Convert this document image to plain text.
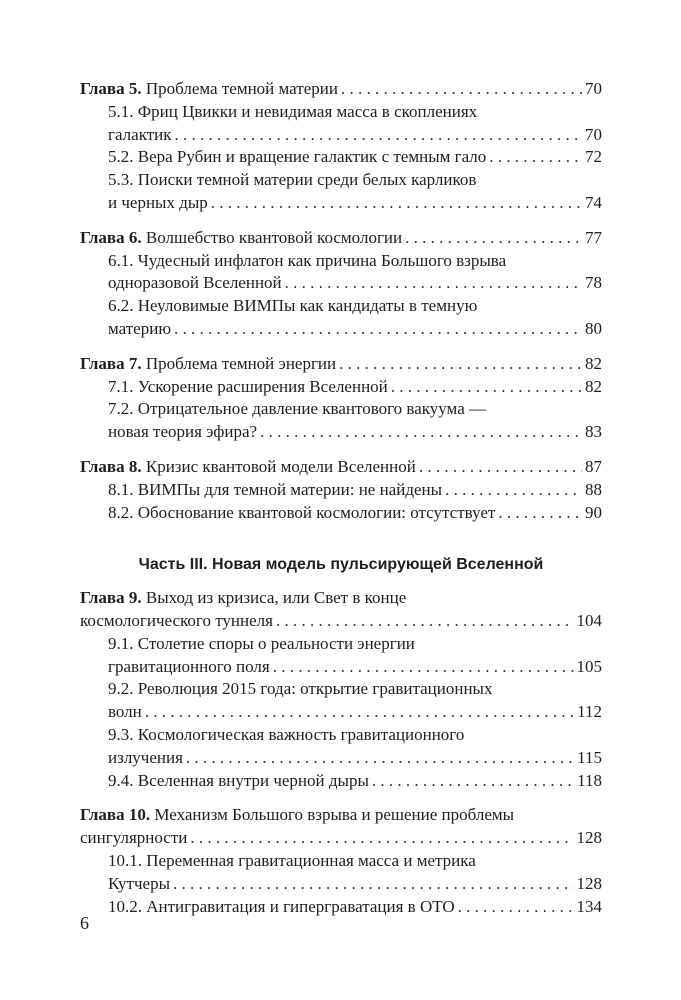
Глава 5. Проблема темной материи . . .	70
5.1. Фриц Цвикки и невидимая масса в скоплениях
галактик . . .	70
5.2. Вера Рубин и вращение галактик с темным гало . . .	72
5.3. Поиски темной материи среди белых карликов
и черных дыр . . .	74
Глава 6. Волшебство квантовой космологии . . .	77
6.1. Чудесный инфлатон как причина Большого взрыва
одноразовой Вселенной . . .	78
6.2. Неуловимые ВИМПы как кандидаты в темную
материю . . .	80
Глава 7. Проблема темной энергии . . .	82
7.1. Ускорение расширения Вселенной . . .	82
7.2. Отрицательное давление квантового вакуума —
новая теория эфира? . . .	83
Глава 8. Кризис квантовой модели Вселенной . . .	87
8.1. ВИМПы для темной материи: не найдены . . .	88
8.2. Обоснование квантовой космологии: отсутствует . . .	90
Часть III. Новая модель пульсирующей Вселенной
Глава 9. Выход из кризиса, или Свет в конце
космологического туннеля . . .	104
9.1. Столетие споры о реальности энергии
гравитационного поля . . .	105
9.2. Революция 2015 года: открытие гравитационных
волн . . .	112
9.3. Космологическая важность гравитационного
излучения . . .	115
9.4. Вселенная внутри черной дыры . . .	118
Глава 10. Механизм Большого взрыва и решение проблемы
сингулярности . . .	128
10.1. Переменная гравитационная масса и метрика
Кутчеры . . .	128
10.2. Антигравитация и гиперграватация в ОТО . . .	134
6
